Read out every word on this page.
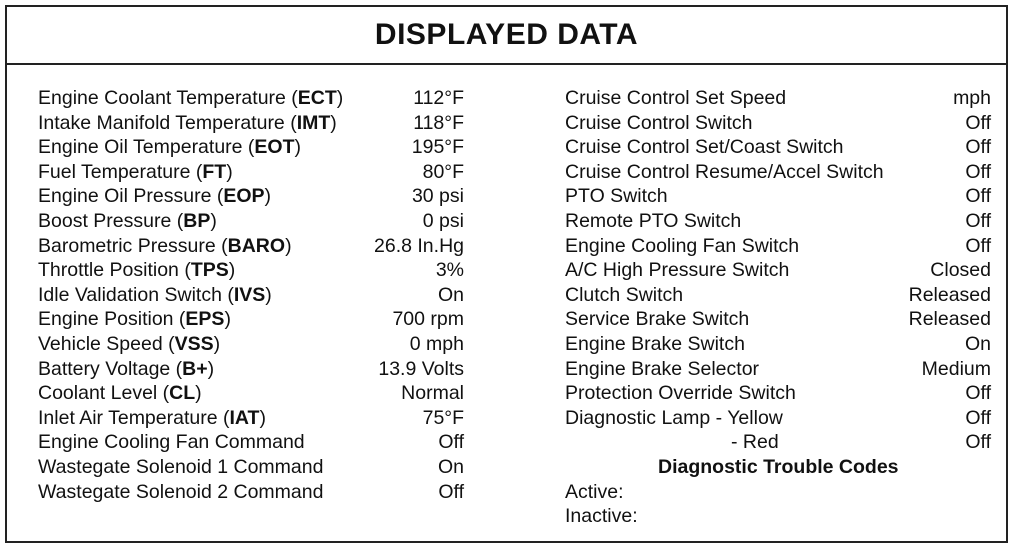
DISPLAYED DATA
Engine Coolant Temperature (ECT)	112°F
Intake Manifold Temperature (IMT)	118°F
Engine Oil Temperature (EOT)	195°F
Fuel Temperature (FT)	80°F
Engine Oil Pressure (EOP)	30 psi
Boost Pressure (BP)	0 psi
Barometric Pressure (BARO)	26.8 In.Hg
Throttle Position (TPS)	3%
Idle Validation Switch (IVS)	On
Engine Position (EPS)	700 rpm
Vehicle Speed (VSS)	0 mph
Battery Voltage (B+)	13.9 Volts
Coolant Level (CL)	Normal
Inlet Air Temperature (IAT)	75°F
Engine Cooling Fan Command	Off
Wastegate Solenoid 1 Command	On
Wastegate Solenoid 2 Command	Off
Cruise Control Set Speed	mph
Cruise Control Switch	Off
Cruise Control Set/Coast Switch	Off
Cruise Control Resume/Accel Switch	Off
PTO Switch	Off
Remote PTO Switch	Off
Engine Cooling Fan Switch	Off
A/C High Pressure Switch	Closed
Clutch Switch	Released
Service Brake Switch	Released
Engine Brake Switch	On
Engine Brake Selector	Medium
Protection Override Switch	Off
Diagnostic Lamp - Yellow	Off
- Red	Off
Diagnostic Trouble Codes
Active:
Inactive:
